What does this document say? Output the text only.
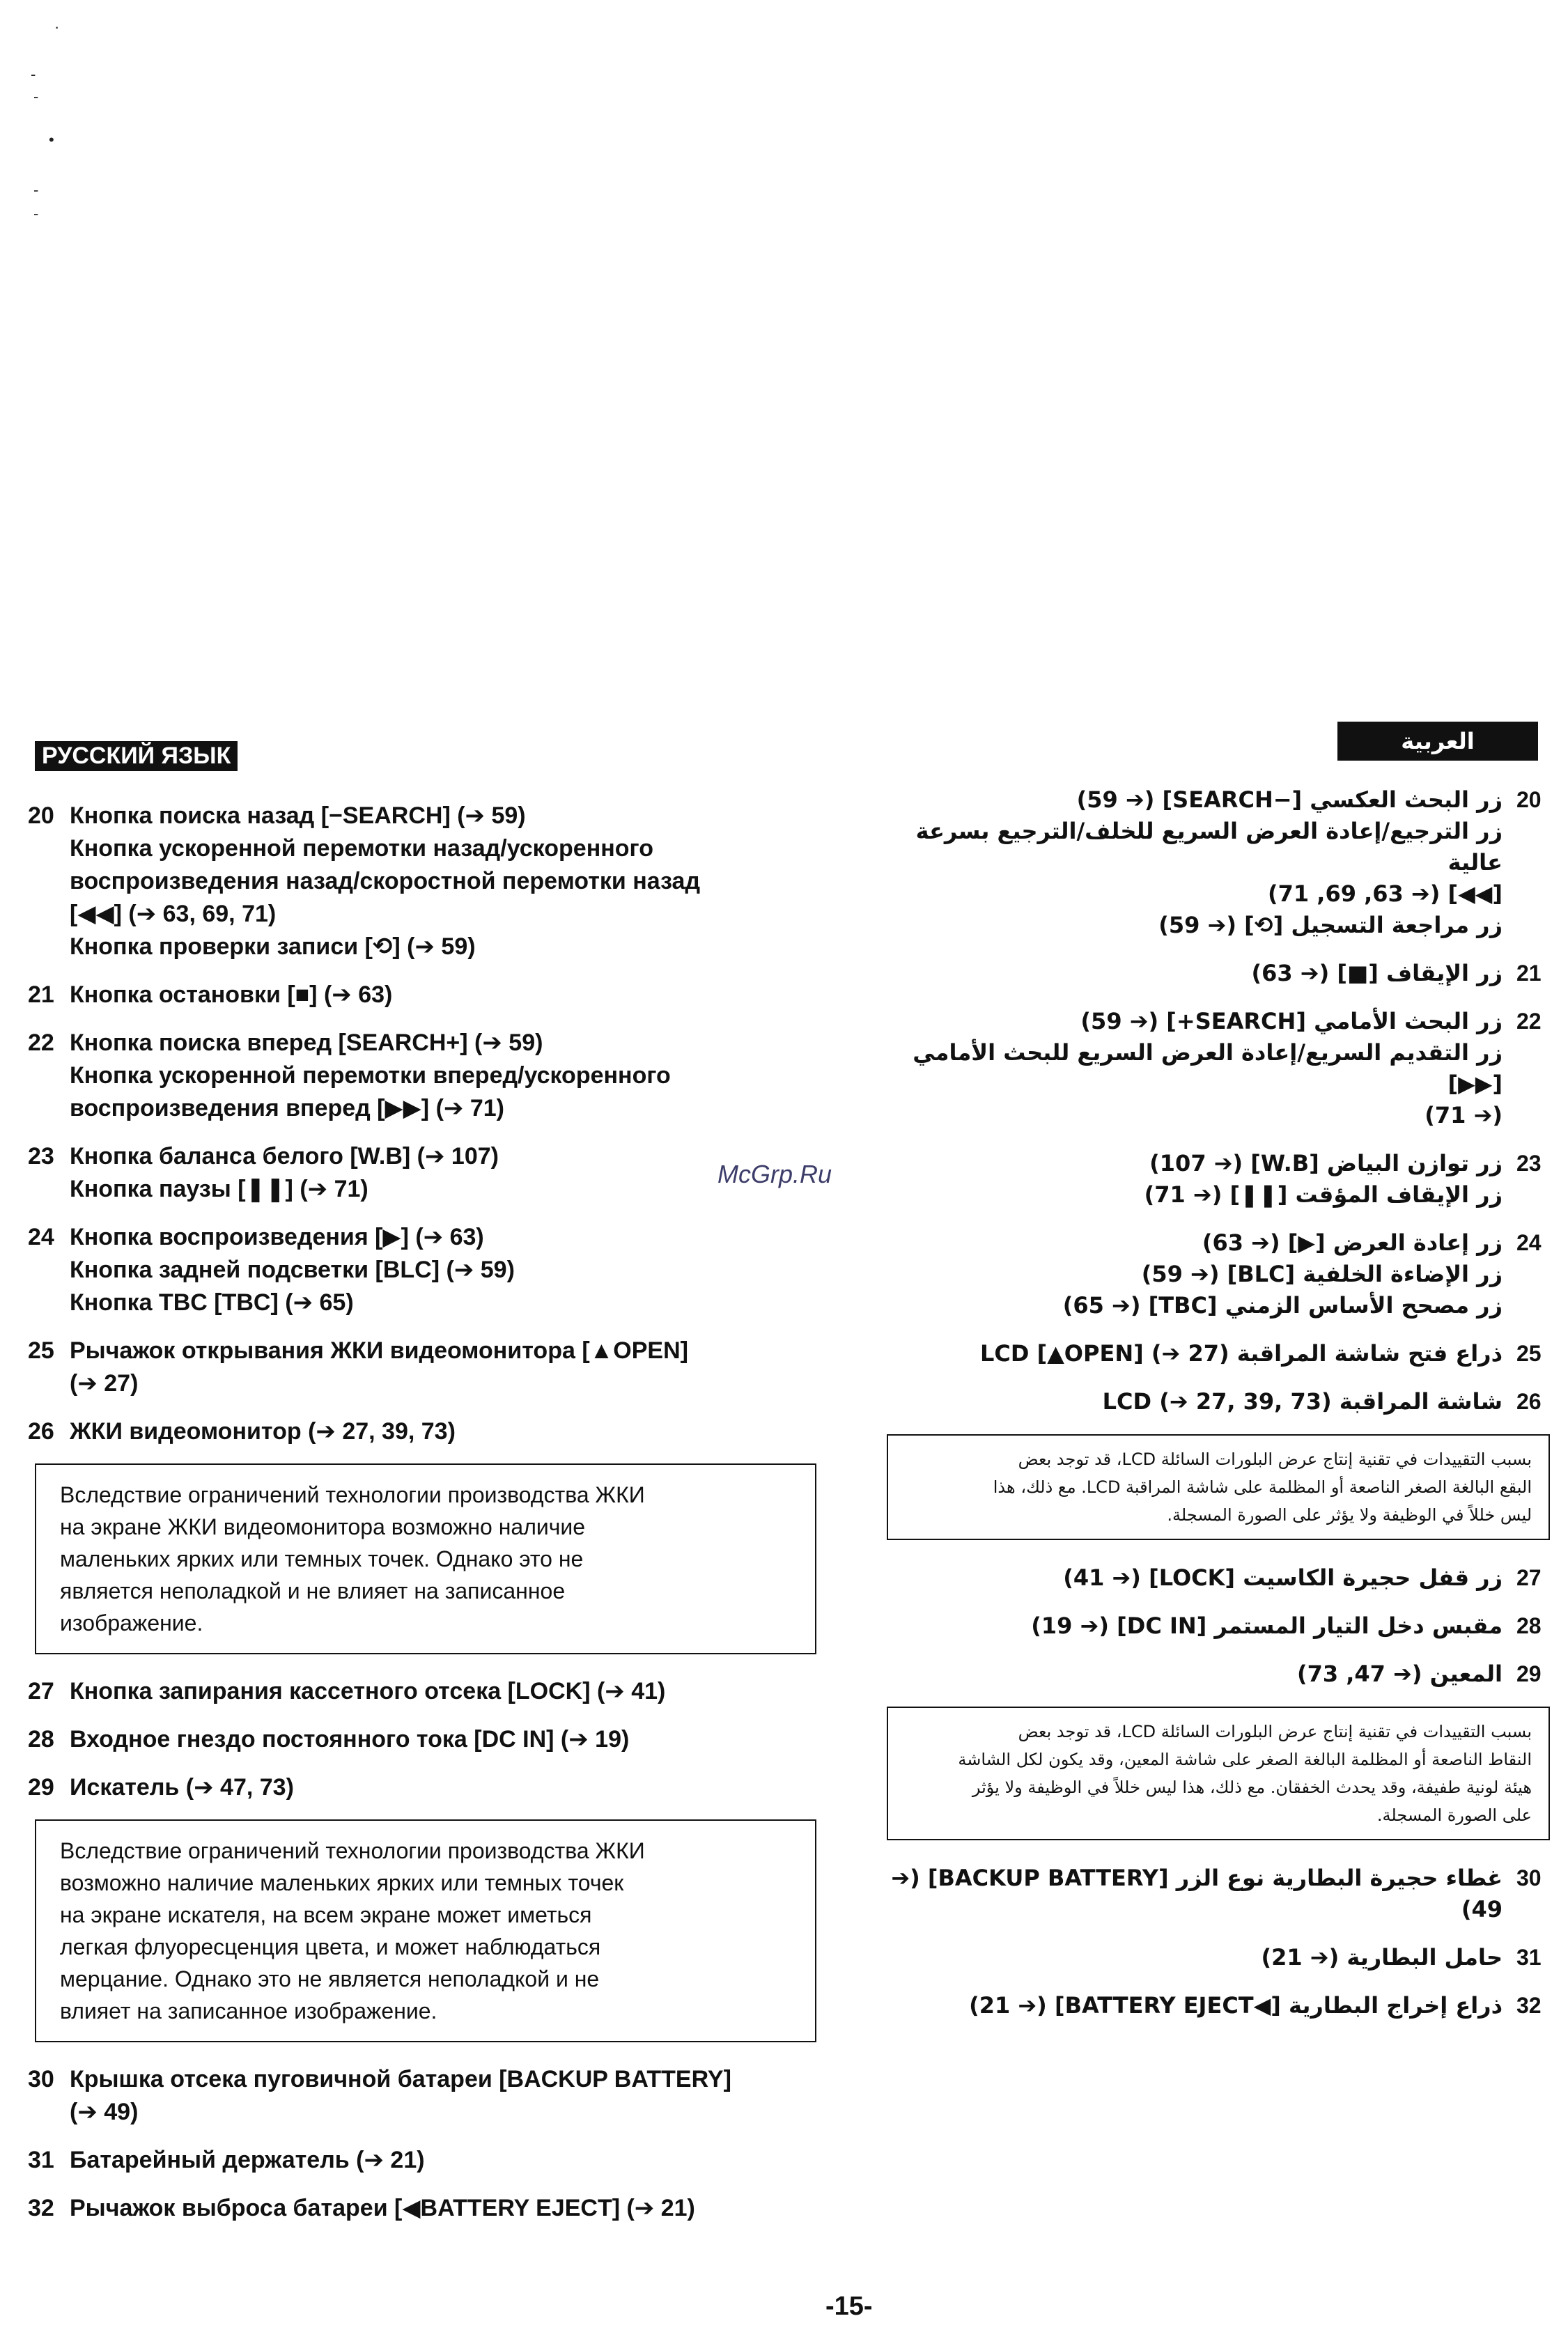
·
-
-
•
-
-
РУССКИЙ ЯЗЫК
العربية
McGrp.Ru
20 Кнопка поиска назад [−SEARCH] (➔ 59)
Кнопка ускоренной перемотки назад/ускоренного
воспроизведения назад/скоростной перемотки назад
[◀◀] (➔ 63, 69, 71)
Кнопка проверки записи [⟲] (➔ 59)
21 Кнопка остановки [■] (➔ 63)
22 Кнопка поиска вперед [SEARCH+] (➔ 59)
Кнопка ускоренной перемотки вперед/ускоренного
воспроизведения вперед [▶▶] (➔ 71)
23 Кнопка баланса белого [W.B] (➔ 107)
Кнопка паузы [❚❚] (➔ 71)
24 Кнопка воспроизведения [▶] (➔ 63)
Кнопка задней подсветки [BLC] (➔ 59)
Кнопка TBC [TBC] (➔ 65)
25 Рычажок открывания ЖКИ видеомонитора [▲OPEN]
(➔ 27)
26 ЖКИ видеомонитор (➔ 27, 39, 73)
Вследствие ограничений технологии производства ЖКИ
на экране ЖКИ видеомонитора возможно наличие
маленьких ярких или темных точек. Однако это не
является неполадкой и не влияет на записанное
изображение.
27 Кнопка запирания кассетного отсека [LOCK] (➔ 41)
28 Входное гнездо постоянного тока [DC IN] (➔ 19)
29 Искатель (➔ 47, 73)
Вследствие ограничений технологии производства ЖКИ
возможно наличие маленьких ярких или темных точек
на экране искателя, на всем экране может иметься
легкая флуоресценция цвета, и может наблюдаться
мерцание. Однако это не является неполадкой и не
влияет на записанное изображение.
30 Крышка отсека пуговичной батареи [BACKUP BATTERY]
(➔ 49)
31 Батарейный держатель (➔ 21)
32 Рычажок выброса батареи [◀BATTERY EJECT] (➔ 21)
20
زر البحث العكسي [−SEARCH] (➔ 59)
زر الترجيع/إعادة العرض السريع للخلف/الترجيع بسرعة عالية
[◀◀] (➔ 63, 69, 71)
زر مراجعة التسجيل [⟲] (➔ 59)
21
زر الإيقاف [■] (➔ 63)
22
زر البحث الأمامي [SEARCH+] (➔ 59)
زر التقديم السريع/إعادة العرض السريع للبحث الأمامي [▶▶]
(➔ 71)
23
زر توازن البياض [W.B] (➔ 107)
زر الإيقاف المؤقت [❚❚] (➔ 71)
24
زر إعادة العرض [▶] (➔ 63)
زر الإضاءة الخلفية [BLC] (➔ 59)
زر مصحح الأساس الزمني [TBC] (➔ 65)
25
ذراع فتح شاشة المراقبة LCD [▲OPEN] (➔ 27)
26
شاشة المراقبة LCD (➔ 27, 39, 73)
بسبب التقييدات في تقنية إنتاج عرض البلورات السائلة LCD، قد توجد بعض
البقع البالغة الصغر الناصعة أو المظلمة على شاشة المراقبة LCD. مع ذلك، هذا
ليس خللاً في الوظيفة ولا يؤثر على الصورة المسجلة.
27
زر قفل حجيرة الكاسيت [LOCK] (➔ 41)
28
مقبس دخل التيار المستمر [DC IN] (➔ 19)
29
المعين (➔ 47, 73)
بسبب التقييدات في تقنية إنتاج عرض البلورات السائلة LCD، قد توجد بعض
النقاط الناصعة أو المظلمة البالغة الصغر على شاشة المعين، وقد يكون لكل الشاشة
هيئة لونية طفيفة، وقد يحدث الخفقان. مع ذلك، هذا ليس خللاً في الوظيفة ولا يؤثر
على الصورة المسجلة.
30
غطاء حجيرة البطارية نوع الزر [BACKUP BATTERY] (➔ 49)
31
حامل البطارية (➔ 21)
32
ذراع إخراج البطارية [◀BATTERY EJECT] (➔ 21)
-15-
